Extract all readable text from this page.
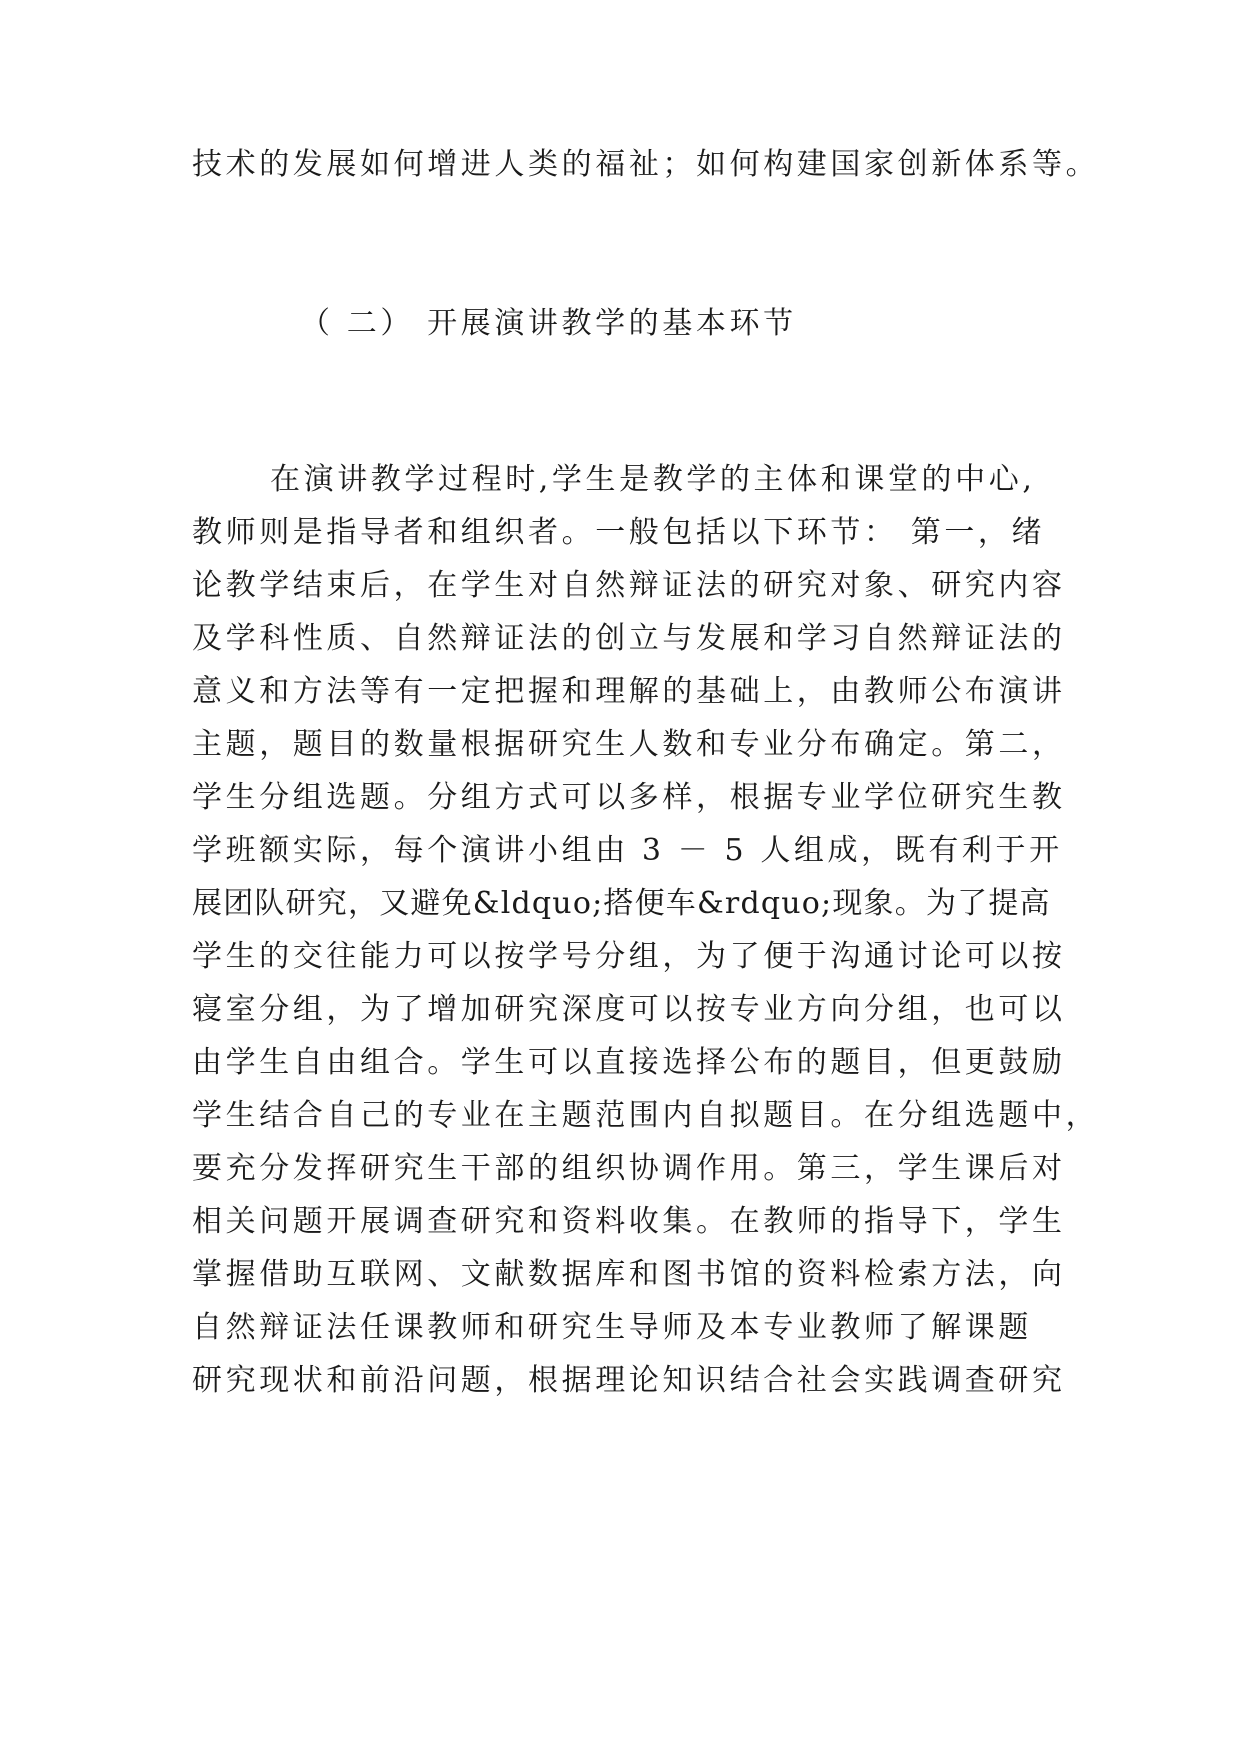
技术的发展如何增进人类的福祉；如何构建国家创新体系等。
（ 二） 开展演讲教学的基本环节
在演讲教学过程时,学生是教学的主体和课堂的中心,
教师则是指导者和组织者。一般包括以下环节： 第一，绪
论教学结束后，在学生对自然辩证法的研究对象、研究内容
及学科性质、自然辩证法的创立与发展和学习自然辩证法的
意义和方法等有一定把握和理解的基础上，由教师公布演讲
主题，题目的数量根据研究生人数和专业分布确定。第二，
学生分组选题。分组方式可以多样，根据专业学位研究生教
学班额实际，每个演讲小组由 3 － 5 人组成，既有利于开
展团队研究，又避免&ldquo;搭便车&rdquo;现象。为了提高
学生的交往能力可以按学号分组，为了便于沟通讨论可以按
寝室分组，为了增加研究深度可以按专业方向分组，也可以
由学生自由组合。学生可以直接选择公布的题目，但更鼓励
学生结合自己的专业在主题范围内自拟题目。在分组选题中，
要充分发挥研究生干部的组织协调作用。第三，学生课后对
相关问题开展调查研究和资料收集。在教师的指导下，学生
掌握借助互联网、文献数据库和图书馆的资料检索方法，向
自然辩证法任课教师和研究生导师及本专业教师了解课题
研究现状和前沿问题，根据理论知识结合社会实践调查研究
